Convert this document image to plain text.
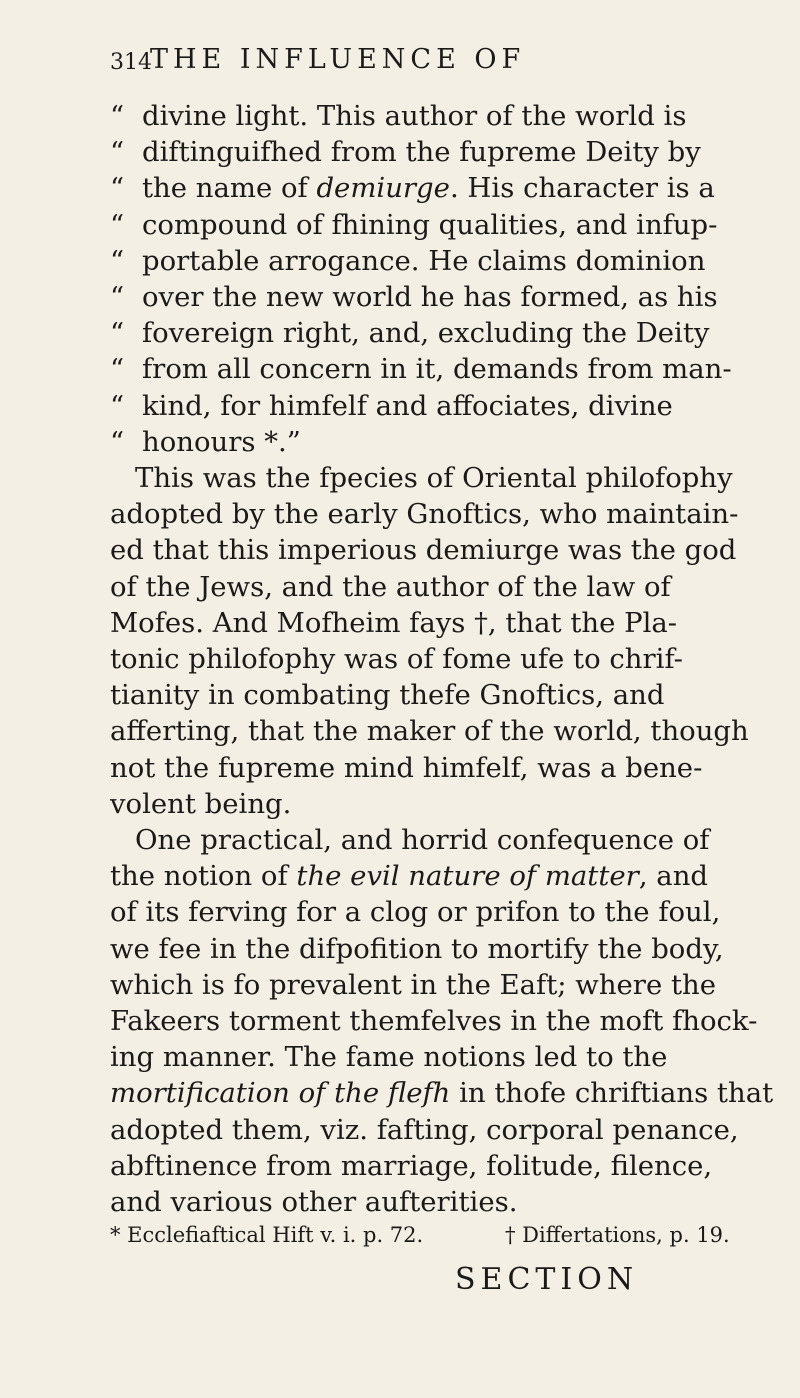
314
THE INFLUENCE OF
“ divine light. This author of the world is
“ diftinguifhed from the fupreme Deity by
“ the name of demiurge. His character is a
“ compound of fhining qualities, and infup-
“ portable arrogance. He claims dominion
“ over the new world he has formed, as his
“ fovereign right, and, excluding the Deity
“ from all concern in it, demands from man-
“ kind, for himfelf and affociates, divine
“ honours *.”
This was the fpecies of Oriental philofophy
adopted by the early Gnoftics, who maintain-
ed that this imperious demiurge was the god
of the Jews, and the author of the law of
Mofes. And Mofheim fays †, that the Pla-
tonic philofophy was of fome ufe to chrif-
tianity in combating thefe Gnoftics, and
afferting, that the maker of the world, though
not the fupreme mind himfelf, was a bene-
volent being.
One practical, and horrid confequence of
the notion of the evil nature of matter, and
of its ferving for a clog or prifon to the foul,
we fee in the difpofition to mortify the body,
which is fo prevalent in the Eaft; where the
Fakeers torment themfelves in the moft fhock-
ing manner. The fame notions led to the
mortification of the flefh in thofe chriftians that
adopted them, viz. fafting, corporal penance,
abftinence from marriage, folitude, filence,
and various other aufterities.
* Ecclefiaftical Hift v. i. p. 72.	† Differtations, p. 19.
SECTION
